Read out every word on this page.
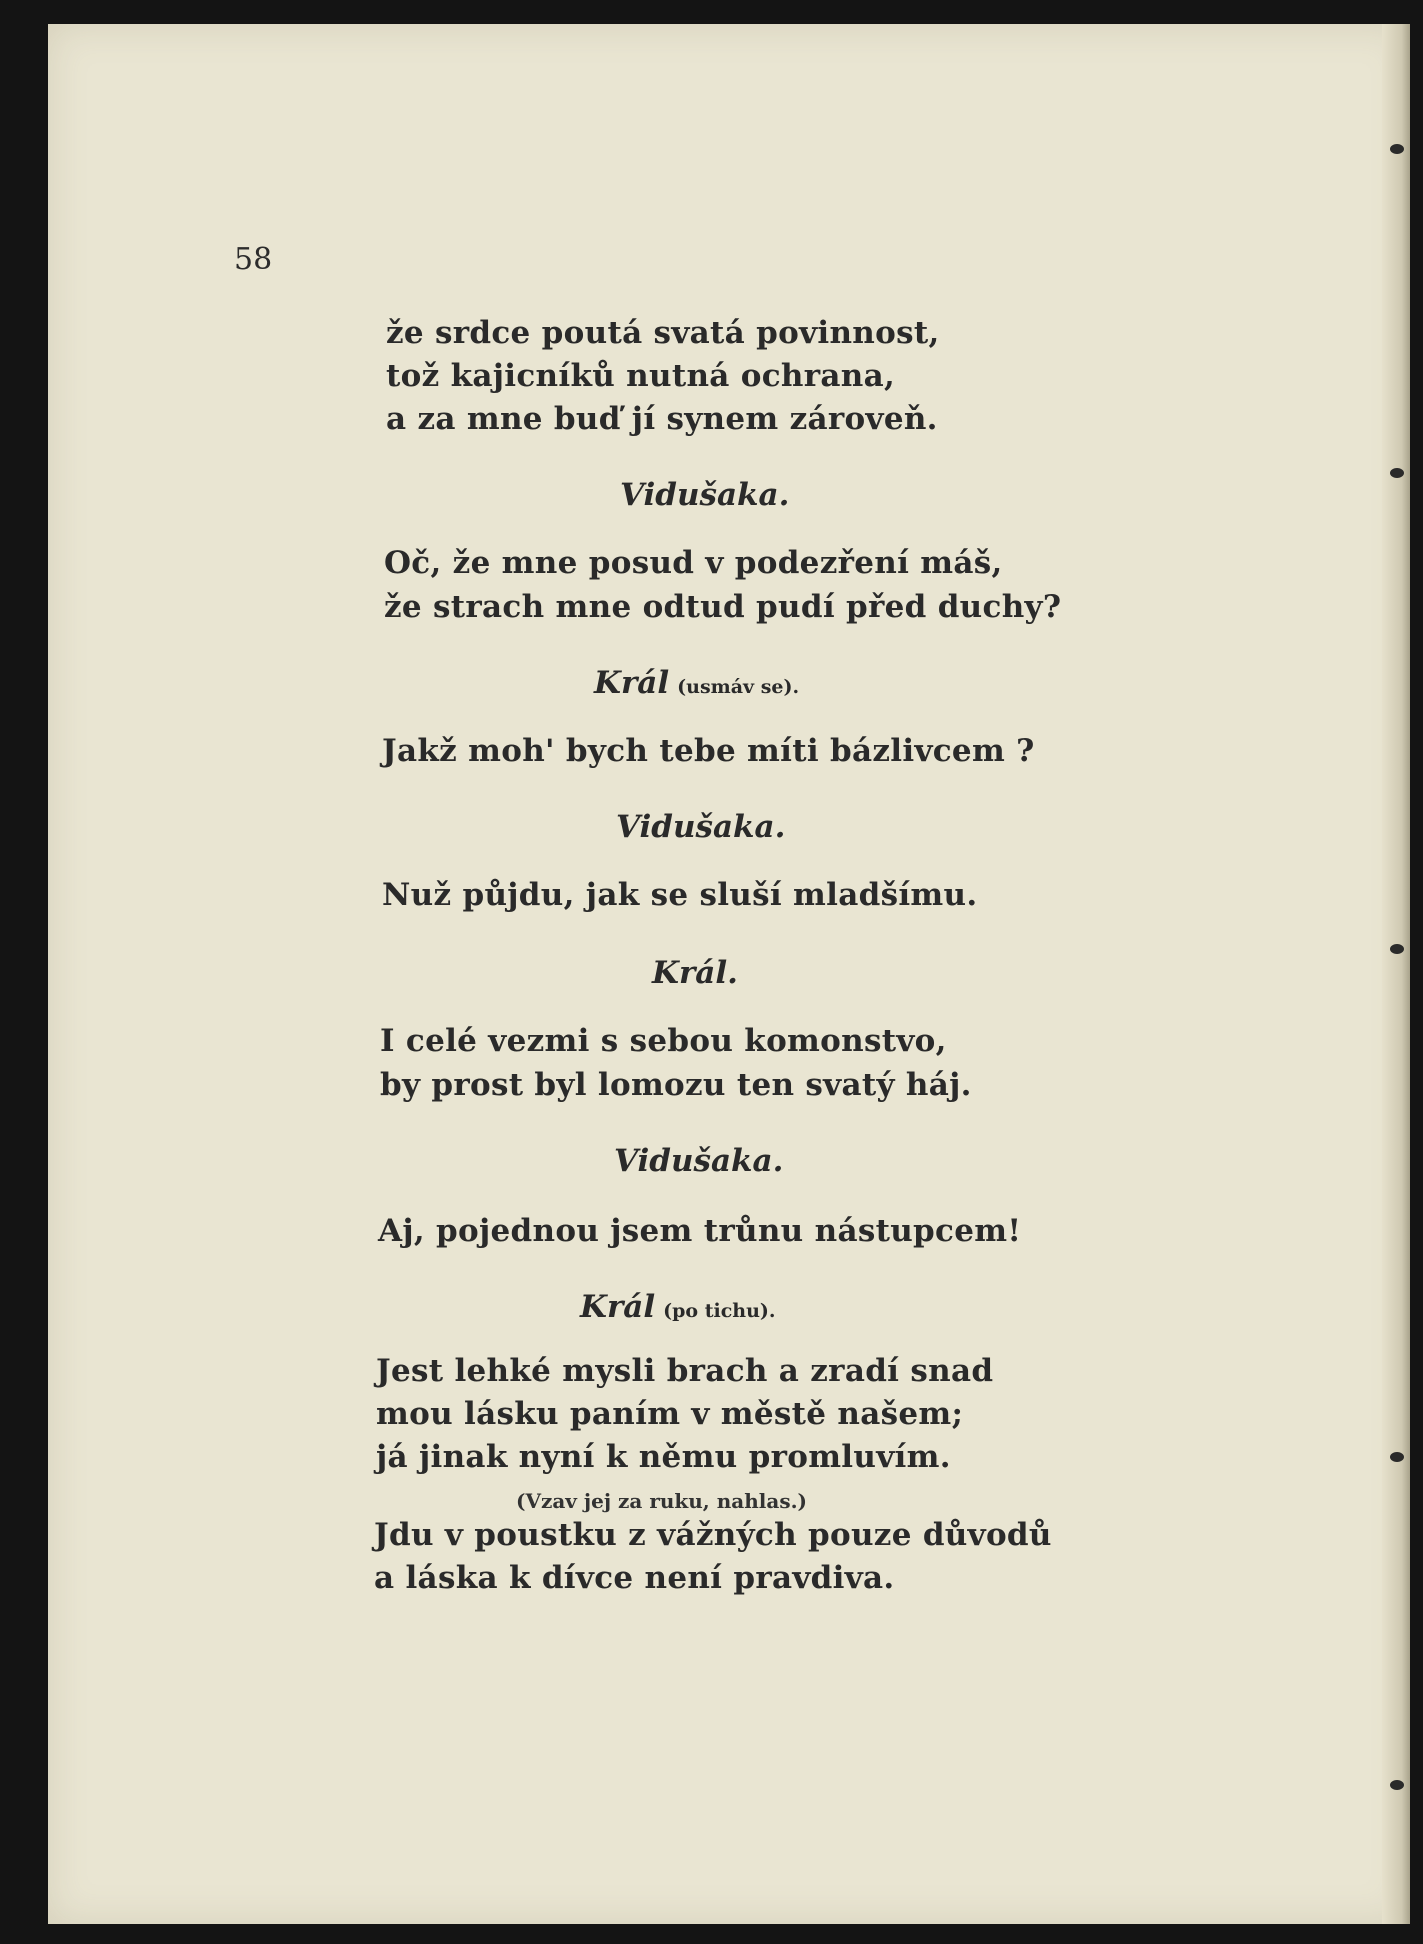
58
že srdce poutá svatá povinnost,
tož kajicníků nutná ochrana,
a za mne buď jí synem zároveň.
Vidušaka.
Oč, že mne posud v podezření máš,
že strach mne odtud pudí před duchy?
Král (usmáv se).
Jakž moh' bych tebe míti bázlivcem ?
Vidušaka.
Nuž půjdu, jak se sluší mladšímu.
Král.
I celé vezmi s sebou komonstvo,
by prost byl lomozu ten svatý háj.
Vidušaka.
Aj, pojednou jsem trůnu nástupcem!
Král (po tichu).
Jest lehké mysli brach a zradí snad
mou lásku paním v městě našem;
já jinak nyní k němu promluvím.
(Vzav jej za ruku, nahlas.)
Jdu v poustku z vážných pouze důvodů
a láska k dívce není pravdiva.
